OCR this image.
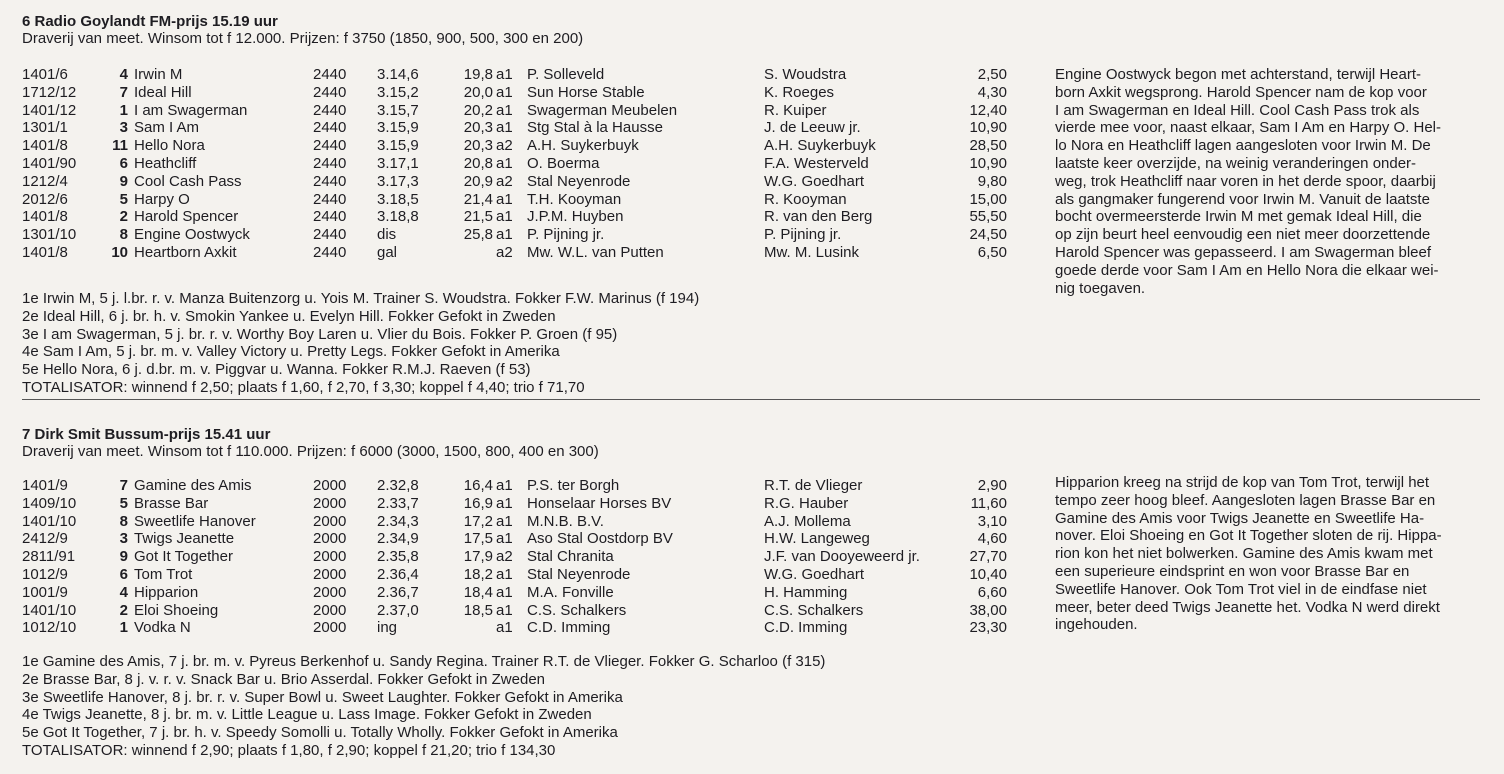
6 Radio Goylandt FM-prijs 15.19 uur
Draverij van meet. Winsom tot f 12.000. Prijzen: f 3750 (1850, 900, 500, 300 en 200)
1401/6	4 Irwin M	2440 3.14,6	19,8 a1 P. Solleveld	S. Woudstra	2,50
1712/12	7 Ideal Hill	2440 3.15,2	20,0 a1 Sun Horse Stable	K. Roeges	4,30
1401/12	1 I am Swagerman	2440 3.15,7	20,2 a1 Swagerman Meubelen	R. Kuiper	12,40
1301/1	3 Sam I Am	2440 3.15,9	20,3 a1 Stg Stal à la Hausse	J. de Leeuw jr.	10,90
1401/8	11 Hello Nora	2440 3.15,9	20,3 a2 A.H. Suykerbuyk	A.H. Suykerbuyk	28,50
1401/90	6 Heathcliff	2440 3.17,1	20,8 a1 O. Boerma	F.A. Westerveld	10,90
1212/4	9 Cool Cash Pass	2440 3.17,3	20,9 a2 Stal Neyenrode	W.G. Goedhart	9,80
2012/6	5 Harpy O	2440 3.18,5	21,4 a1 T.H. Kooyman	R. Kooyman	15,00
1401/8	2 Harold Spencer	2440 3.18,8	21,5 a1 J.P.M. Huyben	R. van den Berg	55,50
1301/10	8 Engine Oostwyck	2440 dis	25,8 a1 P. Pijning jr.	P. Pijning jr.	24,50
1401/8	10 Heartborn Axkit	2440 gal	a2 Mw. W.L. van Putten	Mw. M. Lusink	6,50

Engine Oostwyck begon met achterstand, terwijl Heart-

born Axkit wegsprong. Harold Spencer nam de kop voor

I am Swagerman en Ideal Hill. Cool Cash Pass trok als

vierde mee voor, naast elkaar, Sam I Am en Harpy O. Hel-

lo Nora en Heathcliff lagen aangesloten voor Irwin M. De

laatste keer overzijde, na weinig veranderingen onder-

weg, trok Heathcliff naar voren in het derde spoor, daarbij

als gangmaker fungerend voor Irwin M. Vanuit de laatste

bocht overmeersterde Irwin M met gemak Ideal Hill, die

op zijn beurt heel eenvoudig een niet meer doorzettende

Harold Spencer was gepasseerd. I am Swagerman bleef

goede derde voor Sam I Am en Hello Nora die elkaar wei-

nig toegaven.

1e Irwin M, 5 j. l.br. r. v. Manza Buitenzorg u. Yois M. Trainer S. Woudstra. Fokker F.W. Marinus (f 194)
2e Ideal Hill, 6 j. br. h. v. Smokin Yankee u. Evelyn Hill. Fokker Gefokt in Zweden
3e I am Swagerman, 5 j. br. r. v. Worthy Boy Laren u. Vlier du Bois. Fokker P. Groen (f 95)
4e Sam I Am, 5 j. br. m. v. Valley Victory u. Pretty Legs. Fokker Gefokt in Amerika
5e Hello Nora, 6 j. d.br. m. v. Piggvar u. Wanna. Fokker R.M.J. Raeven (f 53)
TOTALISATOR: winnend f 2,50; plaats f 1,60, f 2,70, f 3,30; koppel f 4,40; trio f 71,70
7 Dirk Smit Bussum-prijs 15.41 uur
Draverij van meet. Winsom tot f 110.000. Prijzen: f 6000 (3000, 1500, 800, 400 en 300)
1401/9	7 Gamine des Amis	2000 2.32,8	16,4 a1 P.S. ter Borgh	R.T. de Vlieger	2,90
1409/10	5 Brasse Bar	2000 2.33,7	16,9 a1 Honselaar Horses BV	R.G. Hauber	11,60
1401/10	8 Sweetlife Hanover	2000 2.34,3	17,2 a1 M.N.B. B.V.	A.J. Mollema	3,10
2412/9	3 Twigs Jeanette	2000 2.34,9	17,5 a1 Aso Stal Oostdorp BV	H.W. Langeweg	4,60
2811/91	9 Got It Together	2000 2.35,8	17,9 a2 Stal Chranita	J.F. van Dooyeweerd jr.	27,70
1012/9	6 Tom Trot	2000 2.36,4	18,2 a1 Stal Neyenrode	W.G. Goedhart	10,40
1001/9	4 Hipparion	2000 2.36,7	18,4 a1 M.A. Fonville	H. Hamming	6,60
1401/10	2 Eloi Shoeing	2000 2.37,0	18,5 a1 C.S. Schalkers	C.S. Schalkers	38,00
1012/10	1 Vodka N	2000 ing	a1 C.D. Imming	C.D. Imming	23,30

Hipparion kreeg na strijd de kop van Tom Trot, terwijl het

tempo zeer hoog bleef. Aangesloten lagen Brasse Bar en

Gamine des Amis voor Twigs Jeanette en Sweetlife Ha-

nover. Eloi Shoeing en Got It Together sloten de rij. Hippa-

rion kon het niet bolwerken. Gamine des Amis kwam met

een superieure eindsprint en won voor Brasse Bar en

Sweetlife Hanover. Ook Tom Trot viel in de eindfase niet

meer, beter deed Twigs Jeanette het. Vodka N werd direkt

ingehouden.

1e Gamine des Amis, 7 j. br. m. v. Pyreus Berkenhof u. Sandy Regina. Trainer R.T. de Vlieger. Fokker G. Scharloo (f 315)
2e Brasse Bar, 8 j. v. r. v. Snack Bar u. Brio Asserdal. Fokker Gefokt in Zweden
3e Sweetlife Hanover, 8 j. br. r. v. Super Bowl u. Sweet Laughter. Fokker Gefokt in Amerika
4e Twigs Jeanette, 8 j. br. m. v. Little League u. Lass Image. Fokker Gefokt in Zweden
5e Got It Together, 7 j. br. h. v. Speedy Somolli u. Totally Wholly. Fokker Gefokt in Amerika
TOTALISATOR: winnend f 2,90; plaats f 1,80, f 2,90; koppel f 21,20; trio f 134,30
